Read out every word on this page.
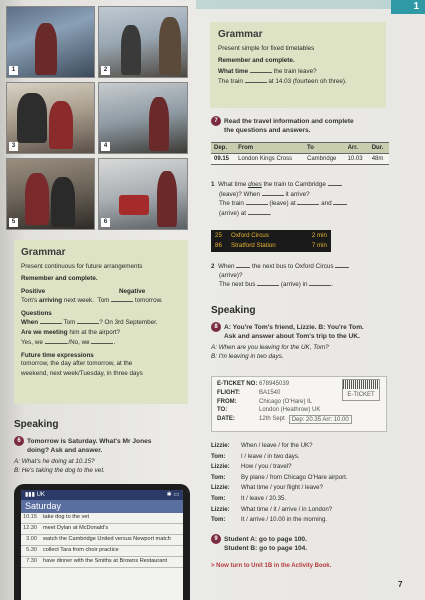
1
1	2
3	4
5	6
Grammar
Present simple for fixed timetables
Remember and complete.
What time	the train leave?
The train	at 14.03 (fourteen oh three).
7 Read the travel information and complete
the questions and answers.
Dep.	From	To	Arr.	Dur.
09.15	London Kings Cross	Cambridge	10.03	48m
1 What time does the train to Cambridge
(leave)? When	it arrive?
The train	(leave) at	and
(arrive) at	.
25	Oxford Circus	2 min
86	Stratford Station	7 min
2 When	the next bus to Oxford Circus
(arrive)?
The next bus	(arrive) in	.
Speaking
8 A: You're Tom's friend, Lizzie. B: You're Tom.
Ask and answer about Tom's trip to the UK.
A: When are you leaving for the UK, Tom?
B: I'm leaving in two days.
E-TICKET
E-TICKET NO: 678945039
FLIGHT:	BA1540
FROM:	Chicago (O'Hare) IL
TO:	London (Heathrow) UK
DATE:	12th Sept	Dep: 20.35 Arr: 10.00
Lizzie:	When / leave / for the UK?
Tom:	I / leave / in two days.
Lizzie:	How / you / travel?
Tom:	By plane / from Chicago O'Hare airport.
Lizzie:	What time / your flight / leave?
Tom:	It / leave / 20.35.
Lizzie:	What time / it / arrive / in London?
Tom:	It / arrive / 10.00 in the morning.
9 Student A: go to page 100.
Student B: go to page 104.
> Now turn to Unit 1B in the Activity Book.
7
Grammar
Present continuous for future arrangements
Remember and complete.
Positive	Negative
Tom's arriving next week. Tom	tomorrow.
Questions
When	Tom	? On 3rd September.
Are we meeting him at the airport?
Yes, we	./No, we	.
Future time expressions
tomorrow, the day after tomorrow, at the
weekend, next week/Tuesday, in three days
Speaking
6 Tomorrow is Saturday. What's Mr Jones
doing? Ask and answer.
A: What's he doing at 10.15?
B: He's taking the dog to the vet.
▮▮▮ UK	✱ ▭
Saturday
10.15	take dog to the vet
12.30	meet Dylan at McDonald's
3.00	watch the Cambridge United versus Newport match
5.30	collect Tara from choir practice
7.30	have dinner with the Smiths at Browns Restaurant
